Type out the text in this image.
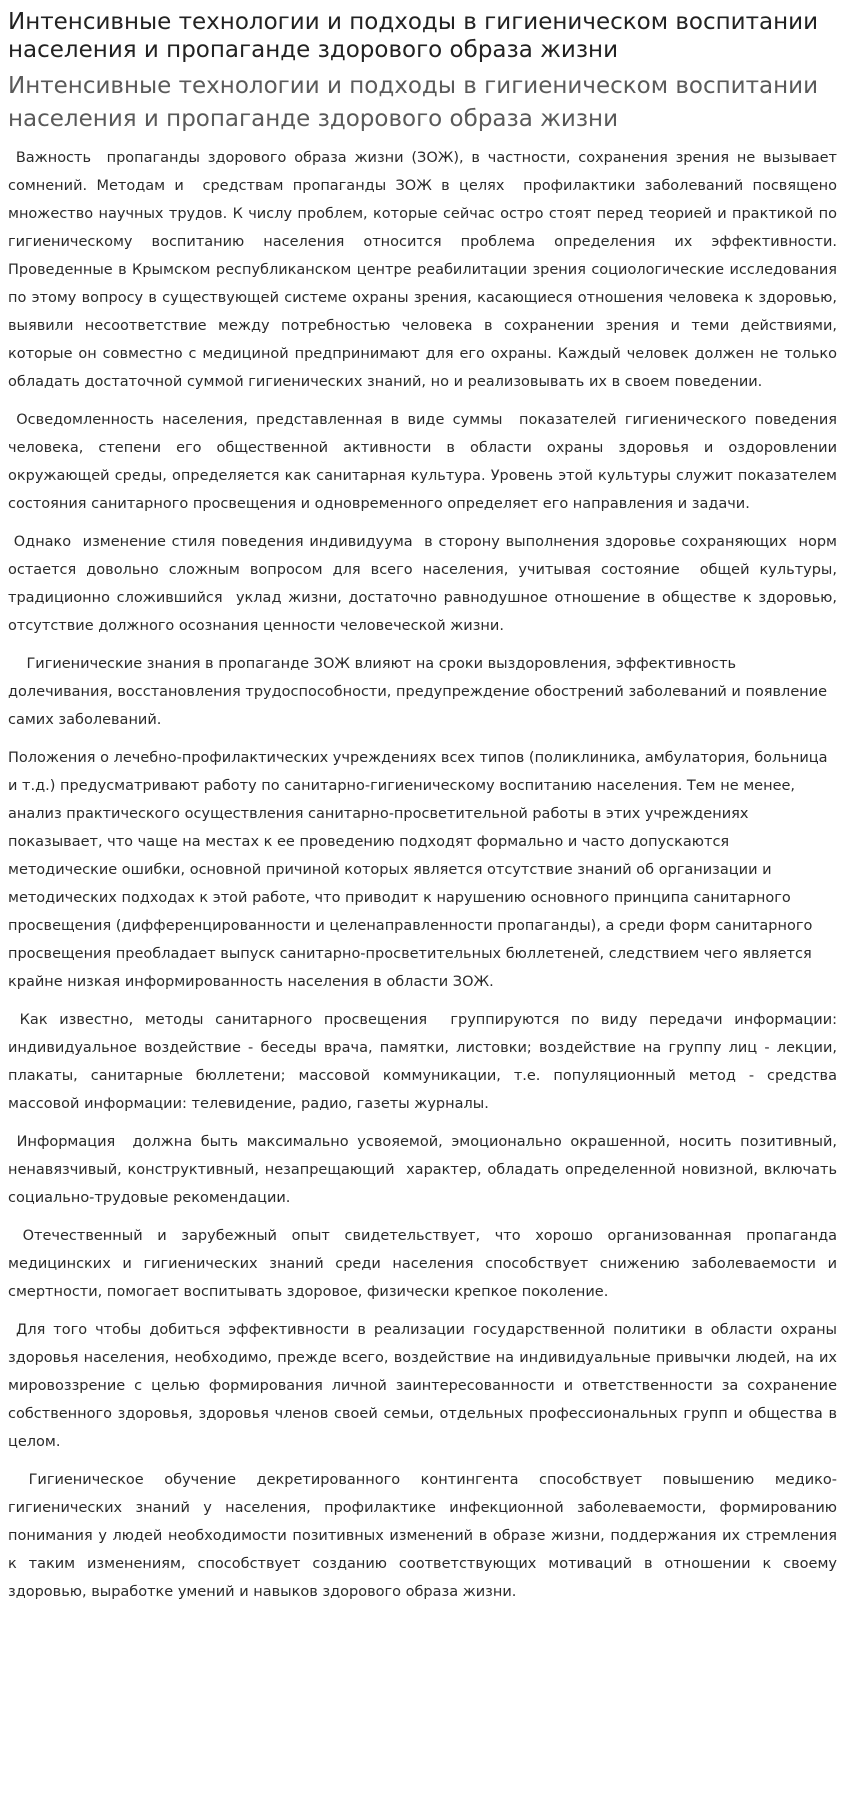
Интенсивные технологии и подходы в гигиеническом воспитании населения и пропаганде здорового образа жизни
Интенсивные технологии и подходы в гигиеническом воспитании населения и пропаганде здорового образа жизни

Важность  пропаганды здорового образа жизни (ЗОЖ), в частности, сохранения зрения не вызывает сомнений. Методам и  средствам пропаганды ЗОЖ в целях  профилактики заболеваний посвящено множество научных трудов. К числу проблем, которые сейчас остро стоят перед теорией и практикой по гигиеническому воспитанию населения относится проблема определения их эффективности. Проведенные в Крымском республиканском центре реабилитации зрения социологические исследования по этому вопросу в существующей системе охраны зрения, касающиеся отношения человека к здоровью, выявили несоответствие между потребностью человека в сохранении зрения и теми действиями, которые он совместно с медициной предпринимают для его охраны. Каждый человек должен не только обладать достаточной суммой гигиенических знаний, но и реализовывать их в своем поведении.

Осведомленность населения, представленная в виде суммы  показателей гигиенического поведения человека, степени его общественной активности в области охраны здоровья и оздоровлении окружающей среды, определяется как санитарная культура. Уровень этой культуры служит показателем состояния санитарного просвещения и одновременного определяет его направления и задачи.

Однако  изменение стиля поведения индивидуума  в сторону выполнения здоровье сохраняющих  норм остается довольно сложным вопросом для всего населения, учитывая состояние  общей культуры, традиционно сложившийся  уклад жизни, достаточно равнодушное отношение в обществе к здоровью, отсутствие должного осознания ценности человеческой жизни.

Гигиенические знания в пропаганде ЗОЖ влияют на сроки выздоровления, эффективность долечивания, восстановления трудоспособности, предупреждение обострений заболеваний и появление самих заболеваний.

Положения о лечебно-профилактических учреждениях всех типов (поликлиника, амбулатория, больница и т.д.) предусматривают работу по санитарно-гигиеническому воспитанию населения. Тем не менее, анализ практического осуществления санитарно-просветительной работы в этих учреждениях показывает, что чаще на местах к ее проведению подходят формально и часто допускаются методические ошибки, основной причиной которых является отсутствие знаний об организации и методических подходах к этой работе, что приводит к нарушению основного принципа санитарного просвещения (дифференцированности и целенаправленности пропаганды), а среди форм санитарного просвещения преобладает выпуск санитарно-просветительных бюллетеней, следствием чего является крайне низкая информированность населения в области ЗОЖ.

Как известно, методы санитарного просвещения  группируются по виду передачи информации: индивидуальное воздействие - беседы врача, памятки, листовки; воздействие на группу лиц - лекции, плакаты, санитарные бюллетени; массовой коммуникации, т.е. популяционный метод - средства массовой информации: телевидение, радио, газеты журналы.

Информация  должна быть максимально усвояемой, эмоционально окрашенной, носить позитивный, ненавязчивый, конструктивный, незапрещающий  характер, обладать определенной новизной, включать социально-трудовые рекомендации.

Отечественный и зарубежный опыт свидетельствует, что хорошо организованная пропаганда медицинских и гигиенических знаний среди населения способствует снижению заболеваемости и смертности, помогает воспитывать здоровое, физически крепкое поколение.

Для того чтобы добиться эффективности в реализации государственной политики в области охраны здоровья населения, необходимо, прежде всего, воздействие на индивидуальные привычки людей, на их мировоззрение с целью формирования личной заинтересованности и ответственности за сохранение собственного здоровья, здоровья членов своей семьи, отдельных профессиональных групп и общества в целом.

Гигиеническое обучение декретированного контингента способствует повышению медико-гигиенических знаний у населения, профилактике инфекционной заболеваемости, формированию понимания у людей необходимости позитивных изменений в образе жизни, поддержания их стремления к таким изменениям, способствует созданию соответствующих мотиваций в отношении к своему здоровью, выработке умений и навыков здорового образа жизни.
